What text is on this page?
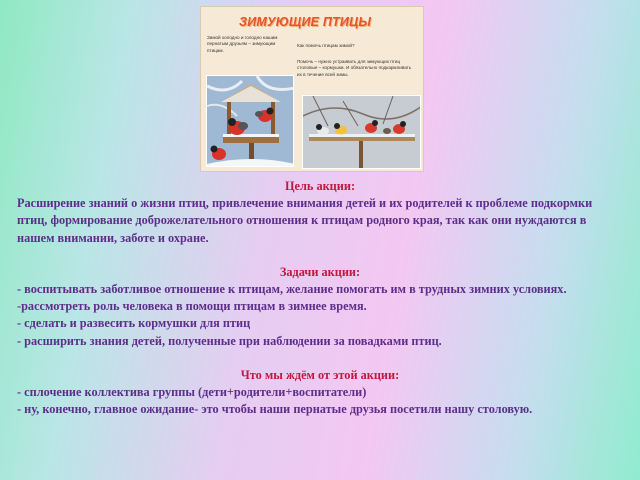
ЗИМУЮЩИЕ ПТИЦЫ
Зимой холодно и голодно нашим пернатым друзьям – зимующим птицам.
Как помочь птицам зимой?
Помочь – нужно устраивать для зимующих птиц столовые – кормушки. И обязательно подкармливать их в течение всей зимы.

Цель акции:

Расширение знаний о жизни птиц, привлечение внимания детей и их родителей к проблеме подкормки птиц, формирование доброжелательного отношения к птицам родного края, так как они нуждаются в нашем внимании, заботе и охране.

Задачи акции:

- воспитывать заботливое отношение к птицам, желание помогать им в трудных зимних условиях.

-рассмотреть роль человека в помощи птицам в зимнее время.

- сделать и развесить кормушки для птиц

- расширить знания детей, полученные при наблюдении за повадками птиц.

Что мы ждём от этой акции:

- сплочение коллектива группы (дети+родители+воспитатели)

- ну, конечно, главное ожидание- это чтобы наши пернатые друзья посетили нашу столовую.
